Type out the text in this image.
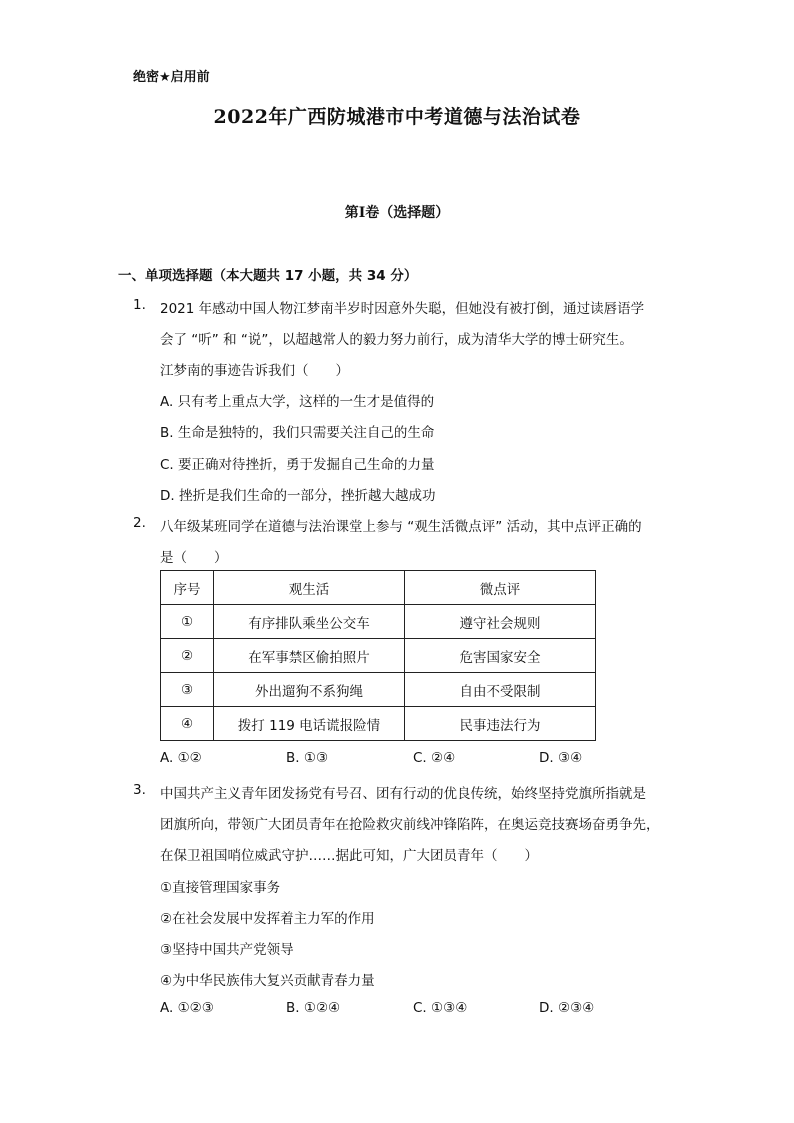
绝密★启用前
2022年广西防城港市中考道德与法治试卷
第Ⅰ卷（选择题）
一、单项选择题（本大题共 17 小题，共 34 分）
1. 2021 年感动中国人物江梦南半岁时因意外失聪，但她没有被打倒，通过读唇语学
会了 “听” 和 “说”，以超越常人的毅力努力前行，成为清华大学的博士研究生。
江梦南的事迹告诉我们（　　）
A. 只有考上重点大学，这样的一生才是值得的
B. 生命是独特的，我们只需要关注自己的生命
C. 要正确对待挫折，勇于发掘自己生命的力量
D. 挫折是我们生命的一部分，挫折越大越成功
2. 八年级某班同学在道德与法治课堂上参与 “观生活微点评” 活动，其中点评正确的
是（　　）
序号	观生活	微点评
①	有序排队乘坐公交车	遵守社会规则
②	在军事禁区偷拍照片	危害国家安全
③	外出遛狗不系狗绳	自由不受限制
④	拨打 119 电话谎报险情	民事违法行为
A. ①②	B. ①③	C. ②④	D. ③④
3. 中国共产主义青年团发扬党有号召、团有行动的优良传统，始终坚持党旗所指就是
团旗所向，带领广大团员青年在抢险救灾前线冲锋陷阵，在奥运竞技赛场奋勇争先，
在保卫祖国哨位威武守护……据此可知，广大团员青年（　　）
①直接管理国家事务
②在社会发展中发挥着主力军的作用
③坚持中国共产党领导
④为中华民族伟大复兴贡献青春力量
A. ①②③	B. ①②④	C. ①③④	D. ②③④
